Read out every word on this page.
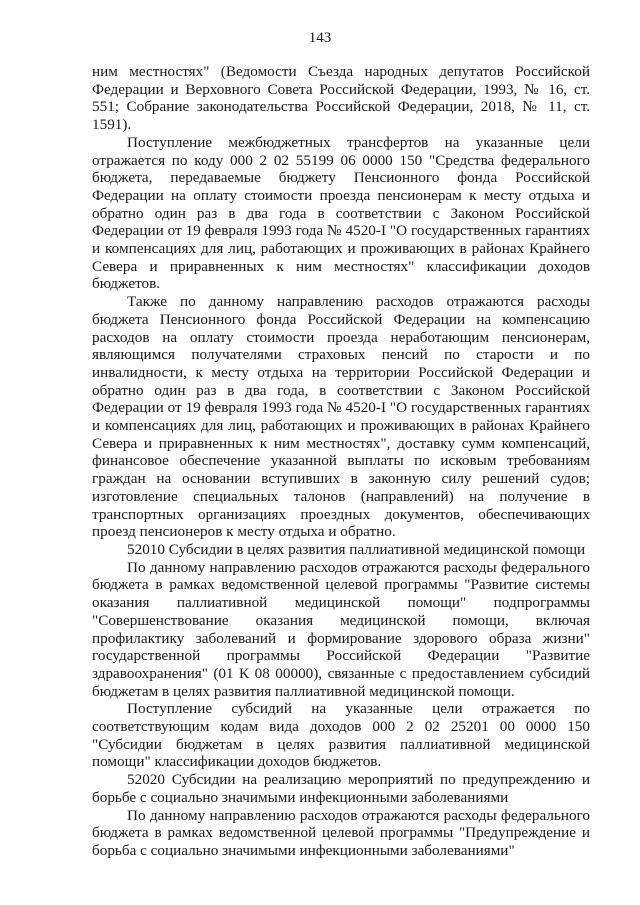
143

ним местностях" (Ведомости Съезда народных депутатов Российской Федерации и Верховного Совета Российской Федерации, 1993, № 16, ст. 551; Собрание законодательства Российской Федерации, 2018, № 11, ст. 1591).

Поступление межбюджетных трансфертов на указанные цели отражается по коду 000 2 02 55199 06 0000 150 "Средства федерального бюджета, передаваемые бюджету Пенсионного фонда Российской Федерации на оплату стоимости проезда пенсионерам к месту отдыха и обратно один раз в два года в соответствии с Законом Российской Федерации от 19 февраля 1993 года № 4520-I "О государственных гарантиях и компенсациях для лиц, работающих и проживающих в районах Крайнего Севера и приравненных к ним местностях" классификации доходов бюджетов.

Также по данному направлению расходов отражаются расходы бюджета Пенсионного фонда Российской Федерации на компенсацию расходов на оплату стоимости проезда неработающим пенсионерам, являющимся получателями страховых пенсий по старости и по инвалидности, к месту отдыха на территории Российской Федерации и обратно один раз в два года, в соответствии с Законом Российской Федерации от 19 февраля 1993 года № 4520-I "О государственных гарантиях и компенсациях для лиц, работающих и проживающих в районах Крайнего Севера и приравненных к ним местностях", доставку сумм компенсаций, финансовое обеспечение указанной выплаты по исковым требованиям граждан на основании вступивших в законную силу решений судов; изготовление специальных талонов (направлений) на получение в транспортных организациях проездных документов, обеспечивающих проезд пенсионеров к месту отдыха и обратно.

52010 Субсидии в целях развития паллиативной медицинской помощи

По данному направлению расходов отражаются расходы федерального бюджета в рамках ведомственной целевой программы "Развитие системы оказания паллиативной медицинской помощи" подпрограммы "Совершенствование оказания медицинской помощи, включая профилактику заболеваний и формирование здорового образа жизни" государственной программы Российской Федерации "Развитие здравоохранения" (01 К 08 00000), связанные с предоставлением субсидий бюджетам в целях развития паллиативной медицинской помощи.

Поступление субсидий на указанные цели отражается по соответствующим кодам вида доходов 000 2 02 25201 00 0000 150 "Субсидии бюджетам в целях развития паллиативной медицинской помощи" классификации доходов бюджетов.

52020 Субсидии на реализацию мероприятий по предупреждению и борьбе с социально значимыми инфекционными заболеваниями

По данному направлению расходов отражаются расходы федерального бюджета в рамках ведомственной целевой программы "Предупреждение и борьба с социально значимыми инфекционными заболеваниями"
